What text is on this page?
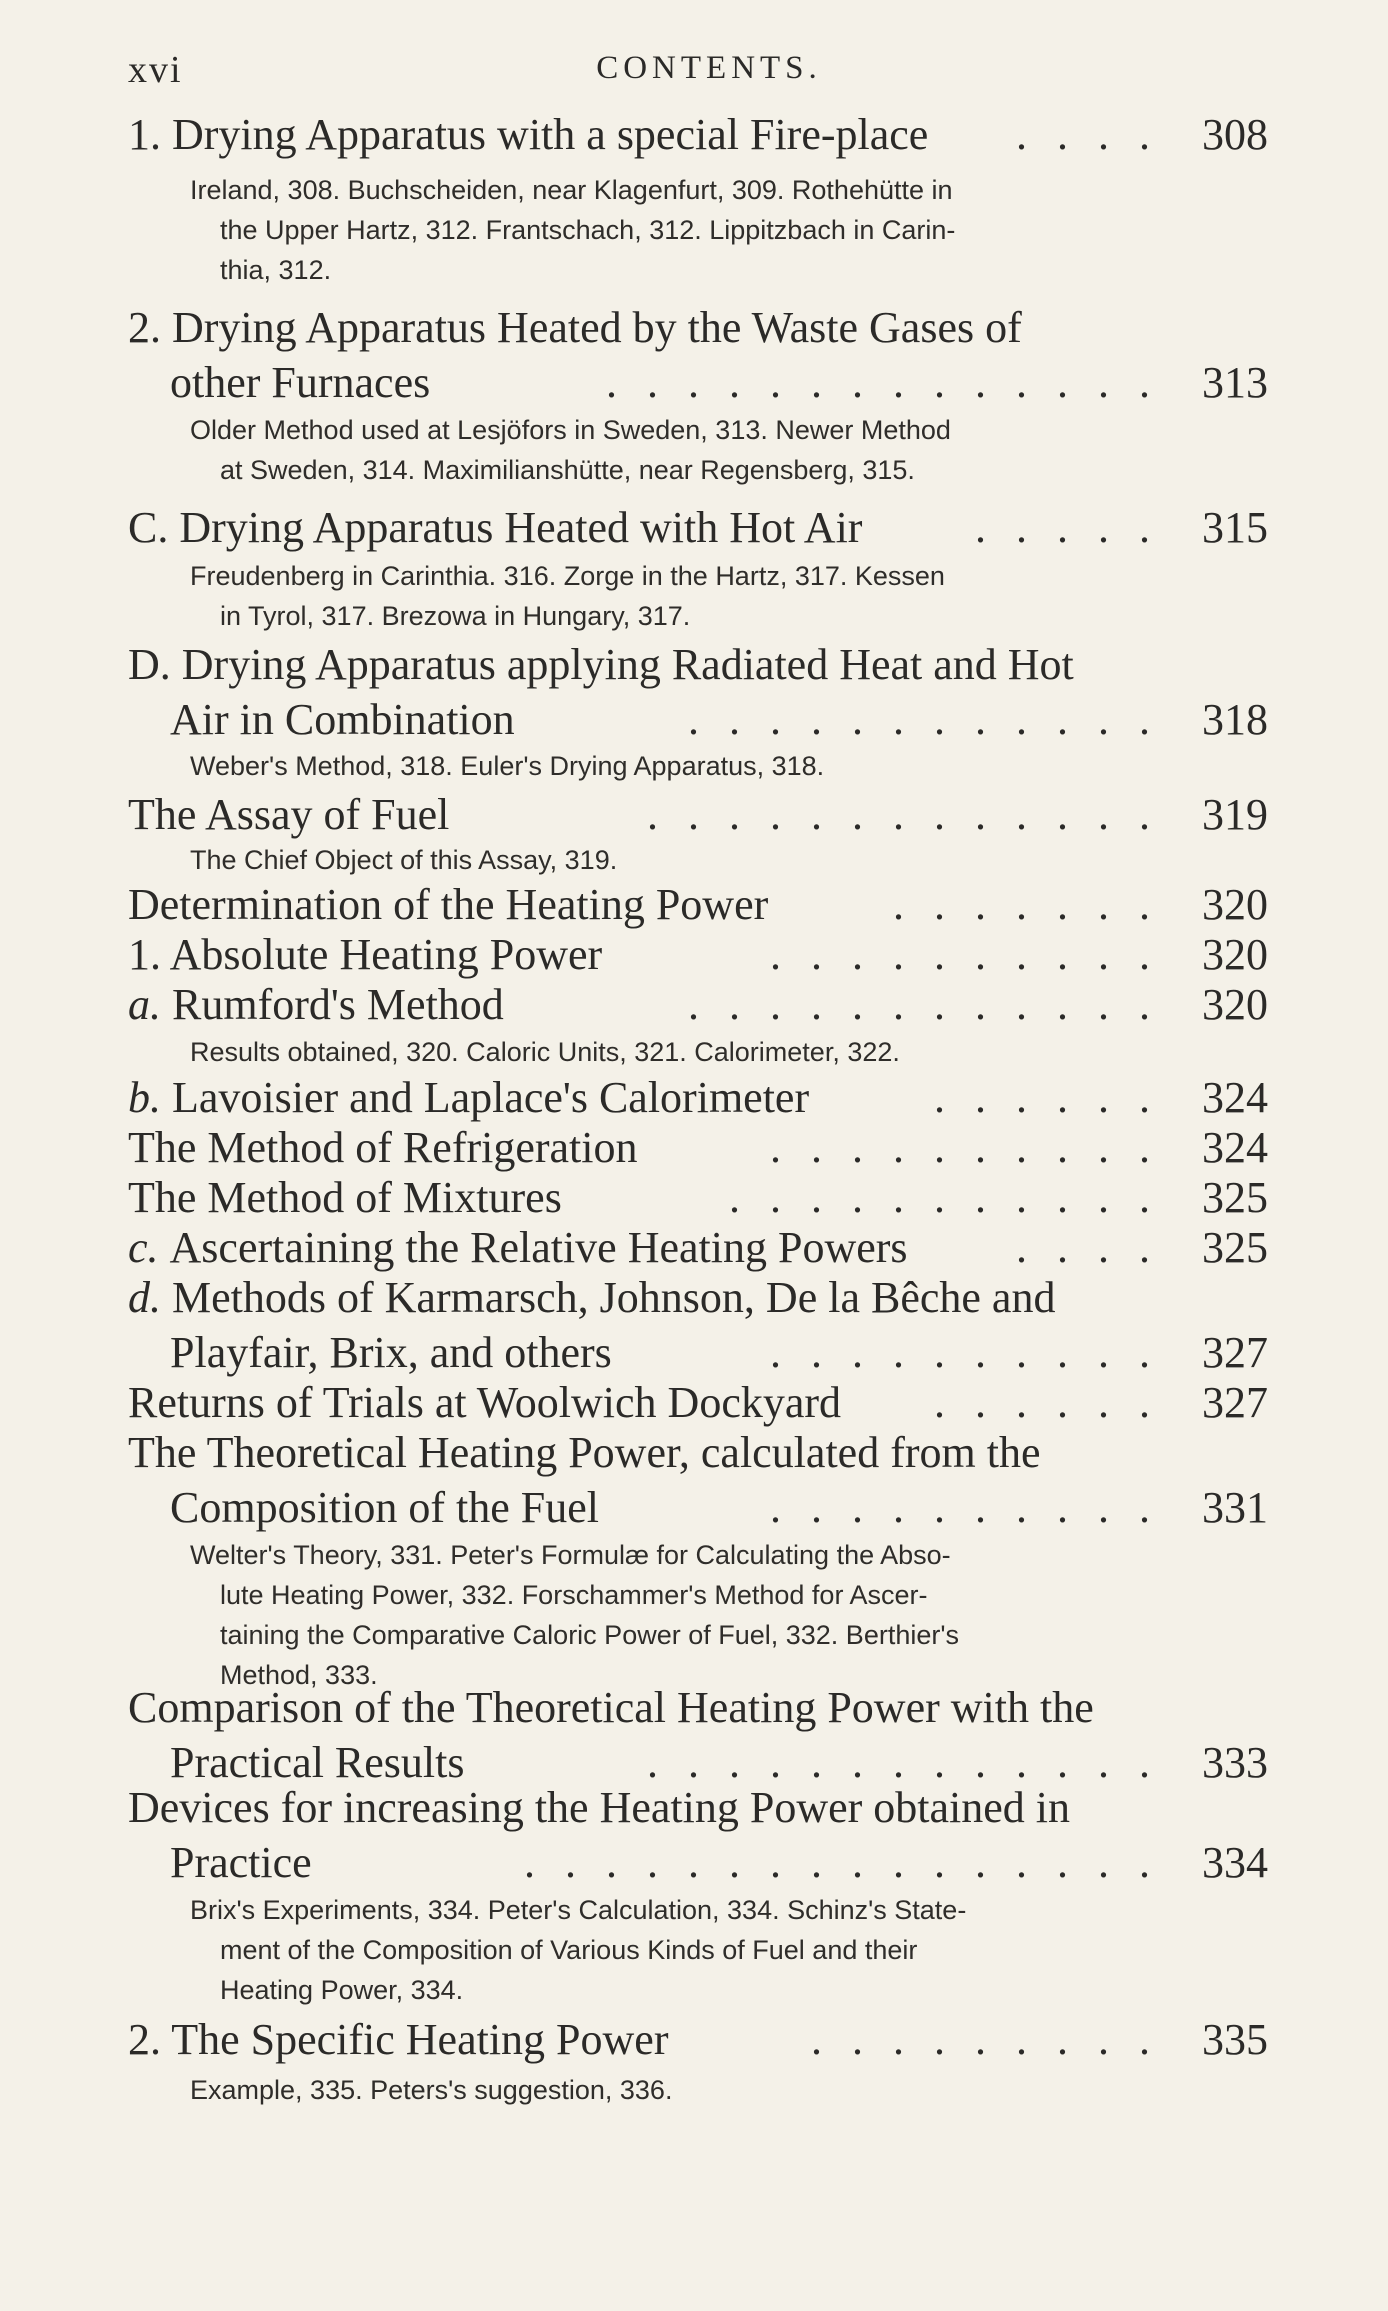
xvi	CONTENTS.
1. Drying Apparatus with a special Fire-place	308
Ireland, 308. Buchscheiden, near Klagenfurt, 309. Rothehütte in
the Upper Hartz, 312. Frantschach, 312. Lippitzbach in Carin-
thia, 312.
....
2. Drying Apparatus Heated by the Waste Gases of
other Furnaces	313
Older Method used at Lesjöfors in Sweden, 313. Newer Method
at Sweden, 314. Maximilianshütte, near Regensberg, 315.
..............
C. Drying Apparatus Heated with Hot Air	315
Freudenberg in Carinthia. 316. Zorge in the Hartz, 317. Kessen
in Tyrol, 317. Brezowa in Hungary, 317.
.....
D. Drying Apparatus applying Radiated Heat and Hot
Air in Combination	318
Weber's Method, 318. Euler's Drying Apparatus, 318.
............
The Assay of Fuel	319
The Chief Object of this Assay, 319.
.............
Determination of the Heating Power	320
.......
1. Absolute Heating Power	320
..........
a. Rumford's Method	320
Results obtained, 320. Caloric Units, 321. Calorimeter, 322.
............
b. Lavoisier and Laplace's Calorimeter	324
......
The Method of Refrigeration	324
..........
The Method of Mixtures	325
...........
c. Ascertaining the Relative Heating Powers	325
....
d. Methods of Karmarsch, Johnson, De la Bêche and
Playfair, Brix, and others	327
..........
Returns of Trials at Woolwich Dockyard	327
......
The Theoretical Heating Power, calculated from the
Composition of the Fuel	331
Welter's Theory, 331. Peter's Formulæ for Calculating the Abso-
lute Heating Power, 332. Forschammer's Method for Ascer-
taining the Comparative Caloric Power of Fuel, 332. Berthier's
Method, 333.
..........
Comparison of the Theoretical Heating Power with the
Practical Results	333
.............
Devices for increasing the Heating Power obtained in
Practice	334
Brix's Experiments, 334. Peter's Calculation, 334. Schinz's State-
ment of the Composition of Various Kinds of Fuel and their
Heating Power, 334.
................
2. The Specific Heating Power	335
Example, 335. Peters's suggestion, 336.
.........
